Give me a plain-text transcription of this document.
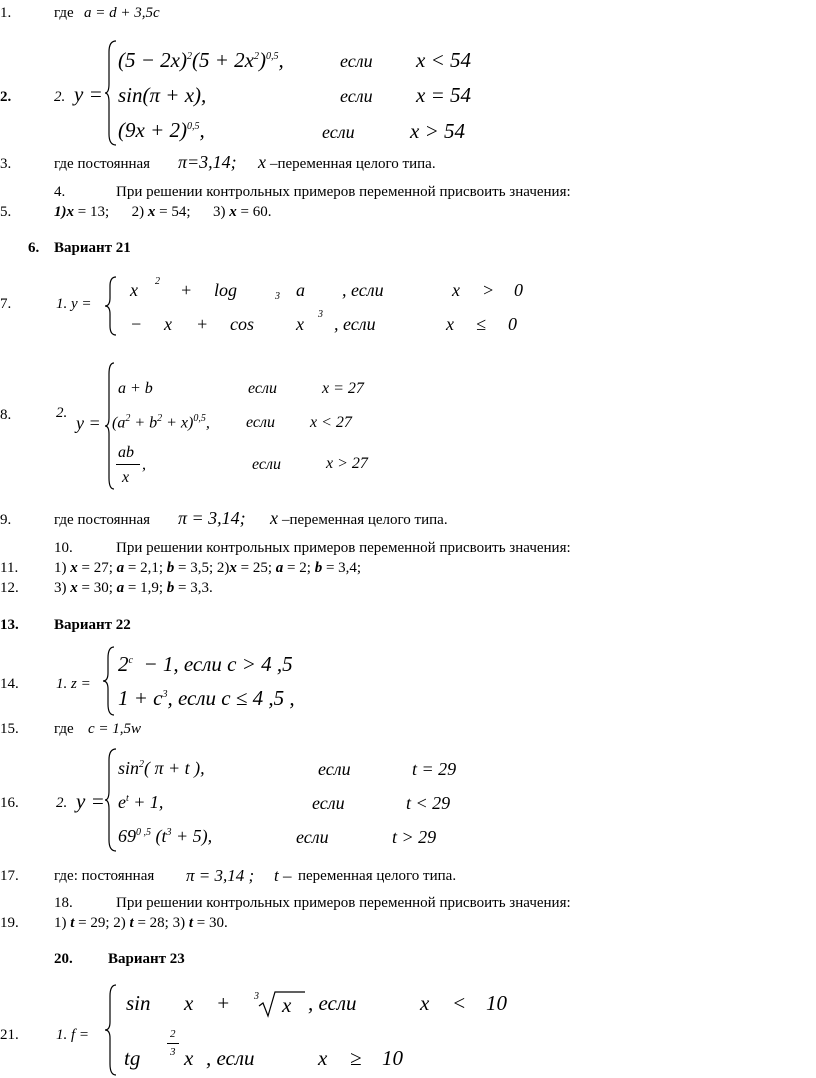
1.	где a = d + 3,5c
2.	2. y =
$(5 - 2x)^2(5 + 2x^2)^{0,5}$,	если x < 54
sin(π + x),	если x = 54
$(9x + 2)^{0,5}$,	если	x > 54
3.	где постоянная π=3,14; x –переменная целого типа.
4.	При решении контрольных примеров переменной присвоить значения:
5.	1)x = 13; 2) x = 54; 3) x = 60.
6. Вариант 21
7.	1. y =
x 2 + log	3 a , если	x > 0
− x + cos x 3 , если	x ≤ 0
8.	2. y =
a + b	если	x = 27
$(a^2 + b^2 + x)^{0,5}$, если x < 27
ab
x
,	если	x > 27
9.	где постоянная π = 3,14; x –переменная целого типа.
10.	При решении контрольных примеров переменной присвоить значения:
11. 1) x = 27; a = 2,1; b = 3,5; 2)x = 25; a = 2; b = 3,4;
12. 3) x = 30; a = 1,9; b = 3,3.
13. Вариант 22
14. 1. z =
$2^c - 1$, если c > 4 ,5
$1 + c^3$, если c ≤ 4 ,5 ,
15. где c = 1,5w
16. 2. y =
$\sin^2$( π + t ),	если	t = 29
$e^t + 1$,	если	t < 29
69$^{0 ,5}$ $(t^3 + 5)$,	если	t > 29
17. где: постоянная π = 3,14 ; t – переменная целого типа.
18.	При решении контрольных примеров переменной присвоить значения:
19. 1) t = 29; 2) t = 28; 3) t = 30.
20. Вариант 23
21. 1. f =
sin x + 3 x , если	x < 10
tg
2
3 x , если	x ≥ 10
